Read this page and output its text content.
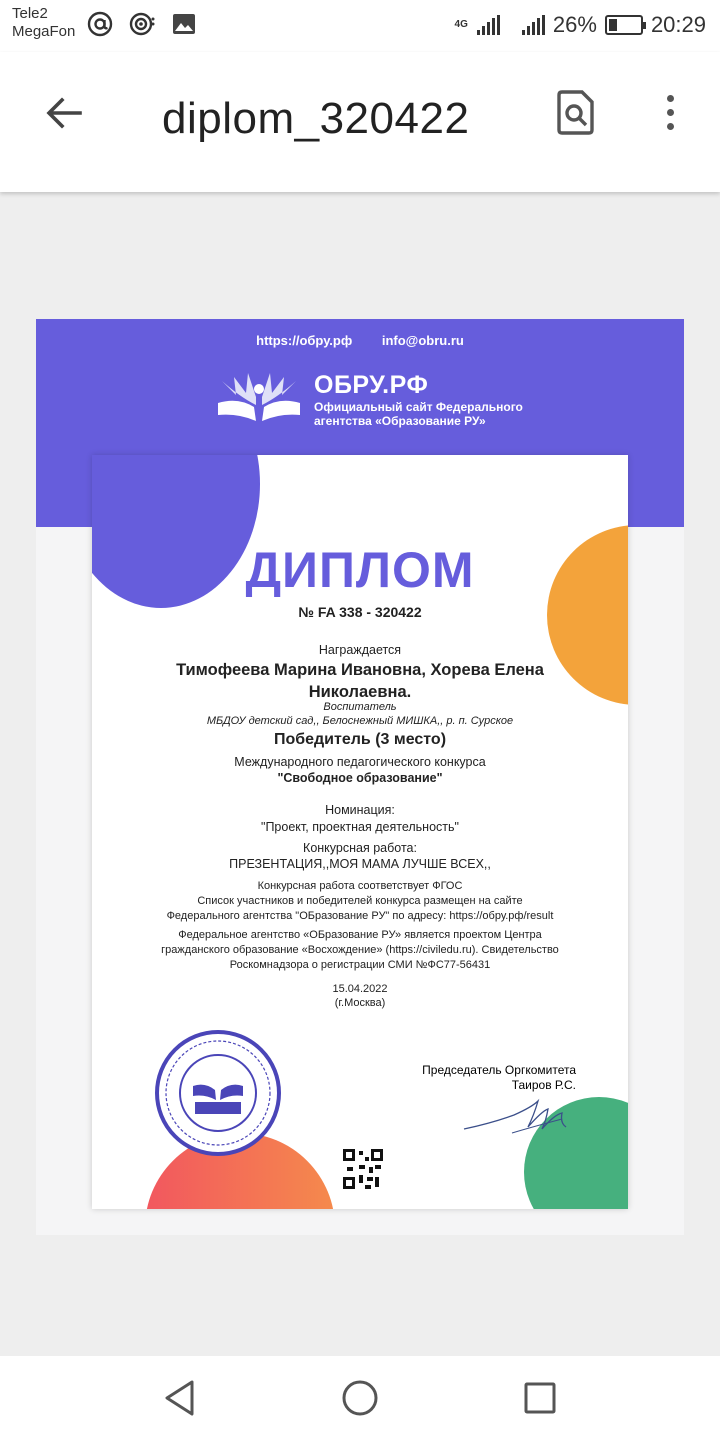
Tele2
MegaFon	4G	26% 20:29
diplom_320422
https://обру.рф info@obru.ru
ОБРУ.РФ
Официальный сайт Федерального
агентства «Образование РУ»
ДИПЛОМ
№ FA 338 - 320422
Награждается
Тимофеева Марина Ивановна, Хорева Елена
Николаевна.
Воспитатель
МБДОУ детский сад,, Белоснежный МИШКА,, р. п. Сурское
Победитель (3 место)
Международного педагогического конкурса
"Свободное образование"
Номинация:
"Проект, проектная деятельность"
Конкурсная работа:
ПРЕЗЕНТАЦИЯ,,МОЯ МАМА ЛУЧШЕ ВСЕХ,,
Конкурсная работа соответствует ФГОС
Список участников и победителей конкурса размещен на сайте
Федерального агентства "ОБразование РУ" по адресу: https://обру.рф/result
Федеральное агентство «ОБразование РУ» является проектом Центра
гражданского образование «Восхождение» (https://civiledu.ru). Свидетельство
Роскомнадзора о регистрации СМИ №ФС77-56431
15.04.2022
(г.Москва)
Председатель Оргкомитета
Таиров Р.С.
